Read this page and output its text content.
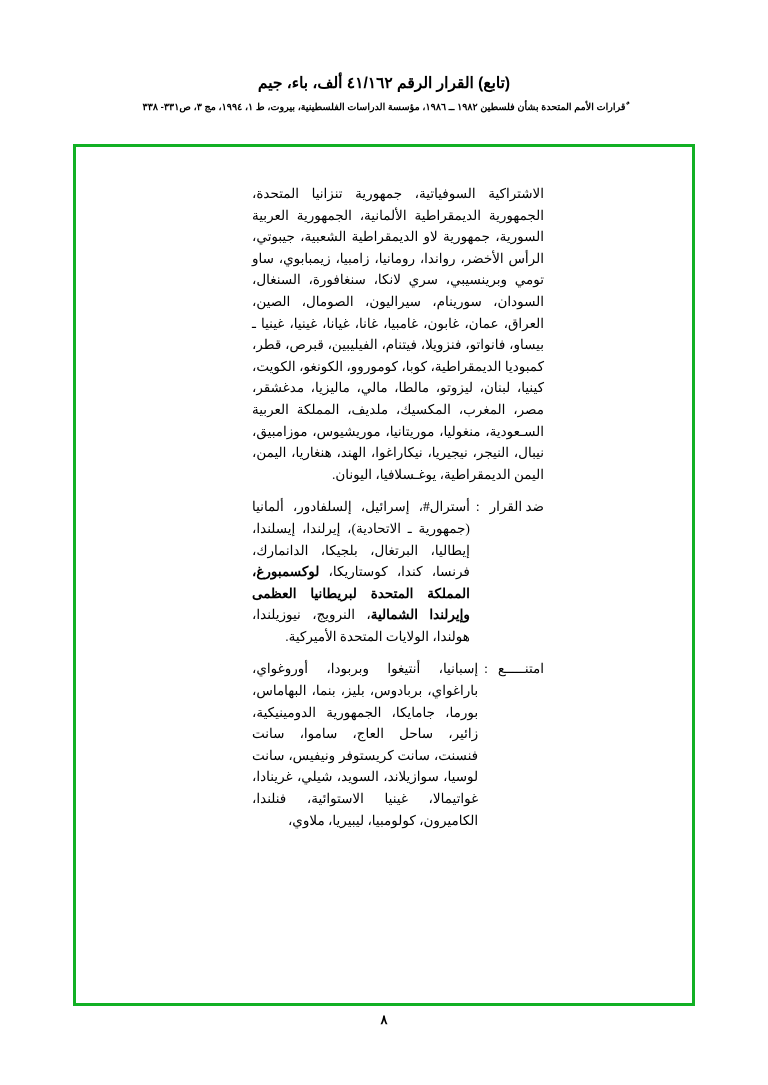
(تابع) القرار الرقم ٤١/١٦٢ ألف، باء، جيم
ٌقرارات الأمم المتحدة بشأن فلسطين ١٩٨٢ ــ ١٩٨٦، مؤسسة الدراسات الفلسطينية، بيروت، ط ١، ١٩٩٤، مج ٣، ص٣٣١- ٣٣٨

الاشتراكية السوفياتية، جمهورية تنزانيا المتحدة، الجمهورية الديمقراطية الألمانية، الجمهورية العربية السورية، جمهورية لاو الديمقراطية الشعبية، جيبوتي، الرأس الأخضر، رواندا، رومانيا، زامبيا، زيمبابوي، ساو تومي وبرينسيبي، سري لانكا، سنغافورة، السنغال، السودان، سورينام، سيراليون، الصومال، الصين، العراق، عمان، غابون، غامبيا، غانا، غيانا، غينيا، غينيا ـ بيساو، فانواتو، فنزويلا، فيتنام، الفيليبين، قبرص، قطر، كمبوديا الديمقراطية، كوبا، كوموروو، الكونغو، الكويت، كينيا، لبنان، ليزوتو، مالطا، مالي، ماليزيا، مدغشقر، مصر، المغرب، المكسيك، ملديف، المملكة العربية السـعودية، منغوليا، موريتانيا، موريشيوس، موزامبيق، نيبال، النيجر، نيجيريا، نيكاراغوا، الهند، هنغاريا، اليمن، اليمن الديمقراطية، يوغـسلافيا، اليونان.

ضد القرار:
أسترال#، إسرائيل، إلسلفادور، ألمانيا (جمهورية ـ الاتحادية)، إيرلندا، إيسلندا، إيطاليا، البرتغال، بلجيكا، الدانمارك، فرنسا، كندا، كوستاريكا، لوكسمبورغ، المملكة المتحدة لبريطانيا العظمى وإيرلندا الشمالية، النرويج، نيوزيلندا، هولندا، الولايات المتحدة الأميركية.
امتنـــــع:
إسبانيا، أنتيغوا وبربودا، أوروغواي، باراغواي، بربادوس، بليز، بنما، البهاماس، بورما، جامايكا، الجمهورية الدومينيكية، زائير، ساحل العاج، ساموا، سانت فنسنت، سانت كريستوفر ونيفيس، سانت لوسيا، سوازيلاند، السويد، شيلي، غرينادا، غواتيمالا، غينيا الاستوائية، فنلندا، الكاميرون، كولومبيا، ليبيريا، ملاوي،
٨
